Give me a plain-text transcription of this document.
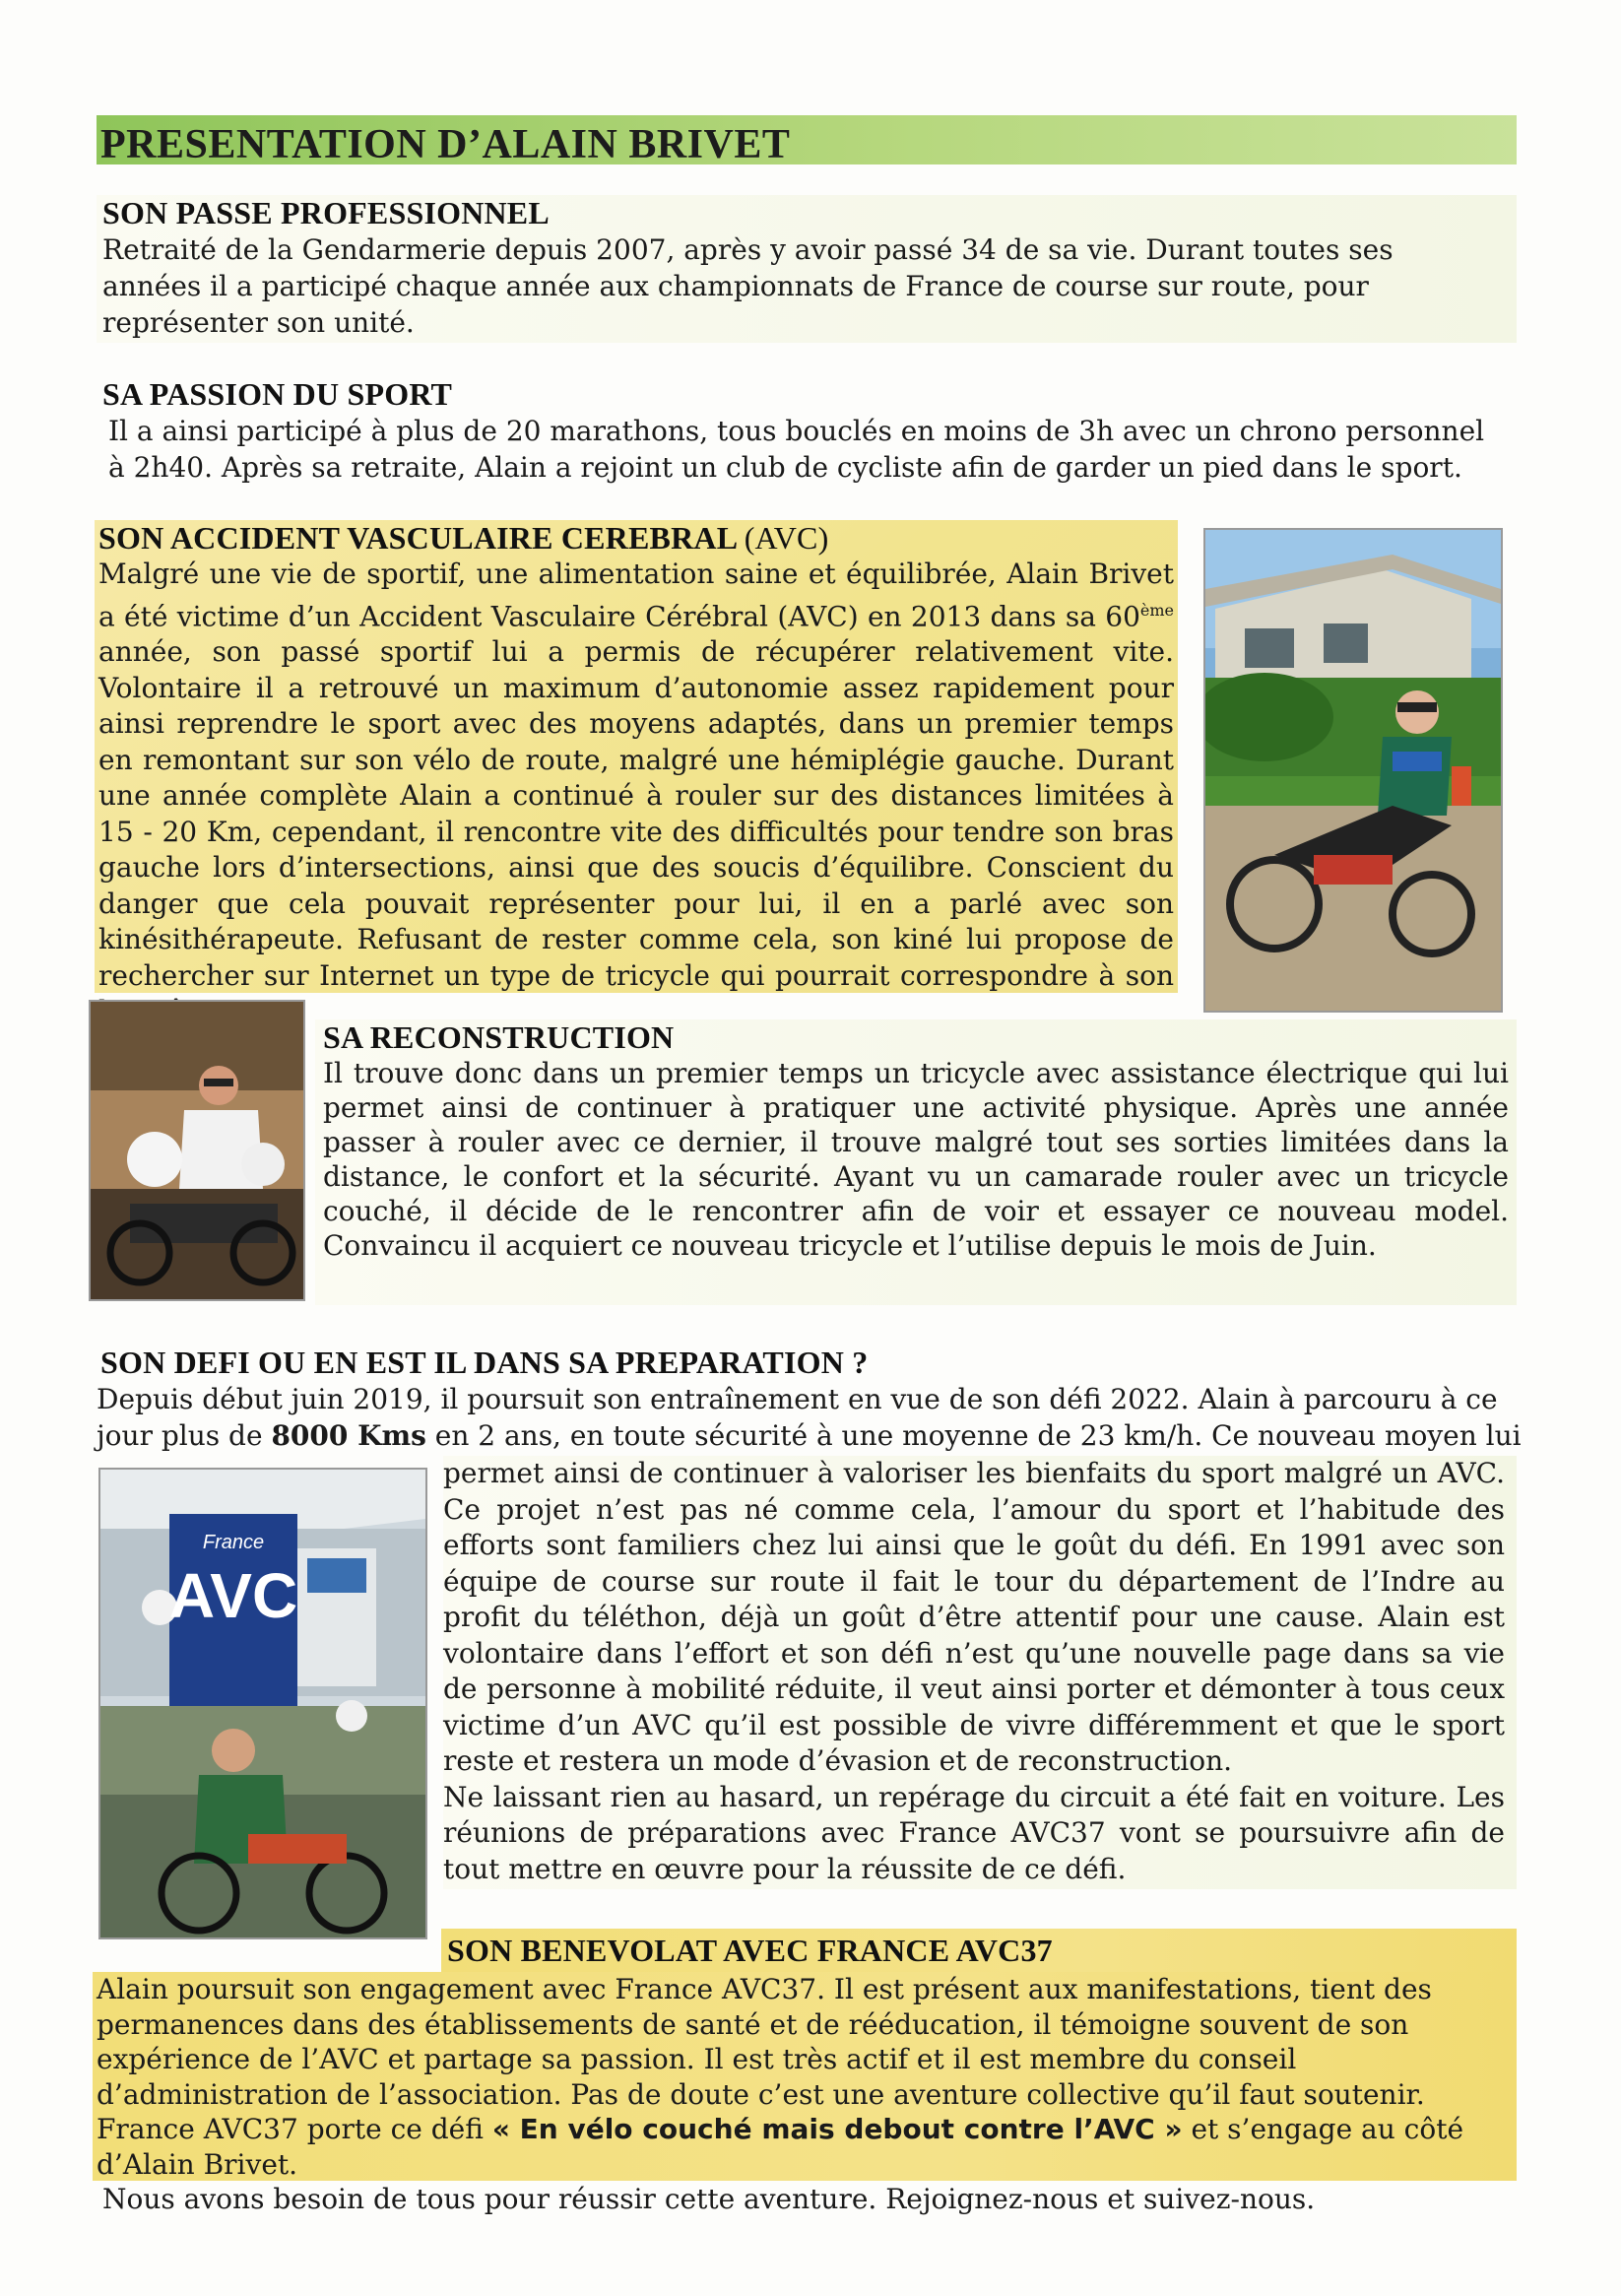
PRESENTATION D’ALAIN BRIVET
SON PASSE PROFESSIONNEL

Retraité de la Gendarmerie depuis 2007, après y avoir passé 34 de sa vie. Durant toutes ses années il a participé chaque année aux championnats de France de course sur route, pour représenter son unité.

SA PASSION DU SPORT

Il a ainsi participé à plus de 20 marathons, tous bouclés en moins de 3h avec un chrono personnel à 2h40. Après sa retraite, Alain a rejoint un club de cycliste afin de garder un pied dans le sport.

SON ACCIDENT VASCULAIRE CEREBRAL (AVC)

Malgré une vie de sportif, une alimentation saine et équilibrée, Alain Brivet a été victime d’un Accident Vasculaire Cérébral (AVC) en 2013 dans sa 60ème année, son passé sportif lui a permis de récupérer relativement vite. Volontaire il a retrouvé un maximum d’autonomie assez rapidement pour ainsi reprendre le sport avec des moyens adaptés, dans un premier temps en remontant sur son vélo de route, malgré une hémiplégie gauche. Durant une année complète Alain a continué à rouler sur des distances limitées à 15 - 20 Km, cependant, il rencontre vite des difficultés pour tendre son bras gauche lors d’intersections, ainsi que des soucis d’équilibre. Conscient du danger que cela pouvait représenter pour lui, il en a parlé avec son kinésithérapeute. Refusant de rester comme cela, son kiné lui propose de rechercher sur Internet un type de tricycle qui pourrait correspondre à son

SA RECONSTRUCTION

Il trouve donc dans un premier temps un tricycle avec assistance électrique qui lui permet ainsi de continuer à pratiquer une activité physique. Après une année passer à rouler avec ce dernier, il trouve malgré tout ses sorties limitées dans la distance, le confort et la sécurité. Ayant vu un camarade rouler avec un tricycle couché, il décide de le rencontrer afin de voir et essayer ce nouveau model. Convaincu il acquiert ce nouveau tricycle et l’utilise depuis le mois de Juin.

SON DEFI OU EN EST IL DANS SA PREPARATION ?

Depuis début juin 2019, il poursuit son entraînement en vue de son défi 2022. Alain à parcouru à ce

jour plus de 8000 Kms en 2 ans, en toute sécurité à une moyenne de 23 km/h. Ce nouveau moyen lui

France
AVC

permet ainsi de continuer à valoriser les bienfaits du sport malgré un AVC. Ce projet n’est pas né comme cela, l’amour du sport et l’habitude des efforts sont familiers chez lui ainsi que le goût du défi. En 1991 avec son équipe de course sur route il fait le tour du département de l’Indre au profit du téléthon, déjà un goût d’être attentif pour une cause. Alain est volontaire dans l’effort et son défi n’est qu’une nouvelle page dans sa vie de personne à mobilité réduite, il veut ainsi porter et démonter à tous ceux victime d’un AVC qu’il est possible de vivre différemment et que le sport reste et restera un mode d’évasion et de reconstruction.

Ne laissant rien au hasard, un repérage du circuit a été fait en voiture. Les réunions de préparations avec France AVC37 vont se poursuivre afin de tout mettre en œuvre pour la réussite de ce défi.

SON BENEVOLAT AVEC FRANCE AVC37

Alain poursuit son engagement avec France AVC37. Il est présent aux manifestations, tient des permanences dans des établissements de santé et de rééducation, il témoigne souvent de son expérience de l’AVC et partage sa passion. Il est très actif et il est membre du conseil d’administration de l’association. Pas de doute c’est une aventure collective qu’il faut soutenir. France AVC37 porte ce défi « En vélo couché mais debout contre l’AVC » et s’engage au côté d’Alain Brivet.

Nous avons besoin de tous pour réussir cette aventure. Rejoignez-nous et suivez-nous.
